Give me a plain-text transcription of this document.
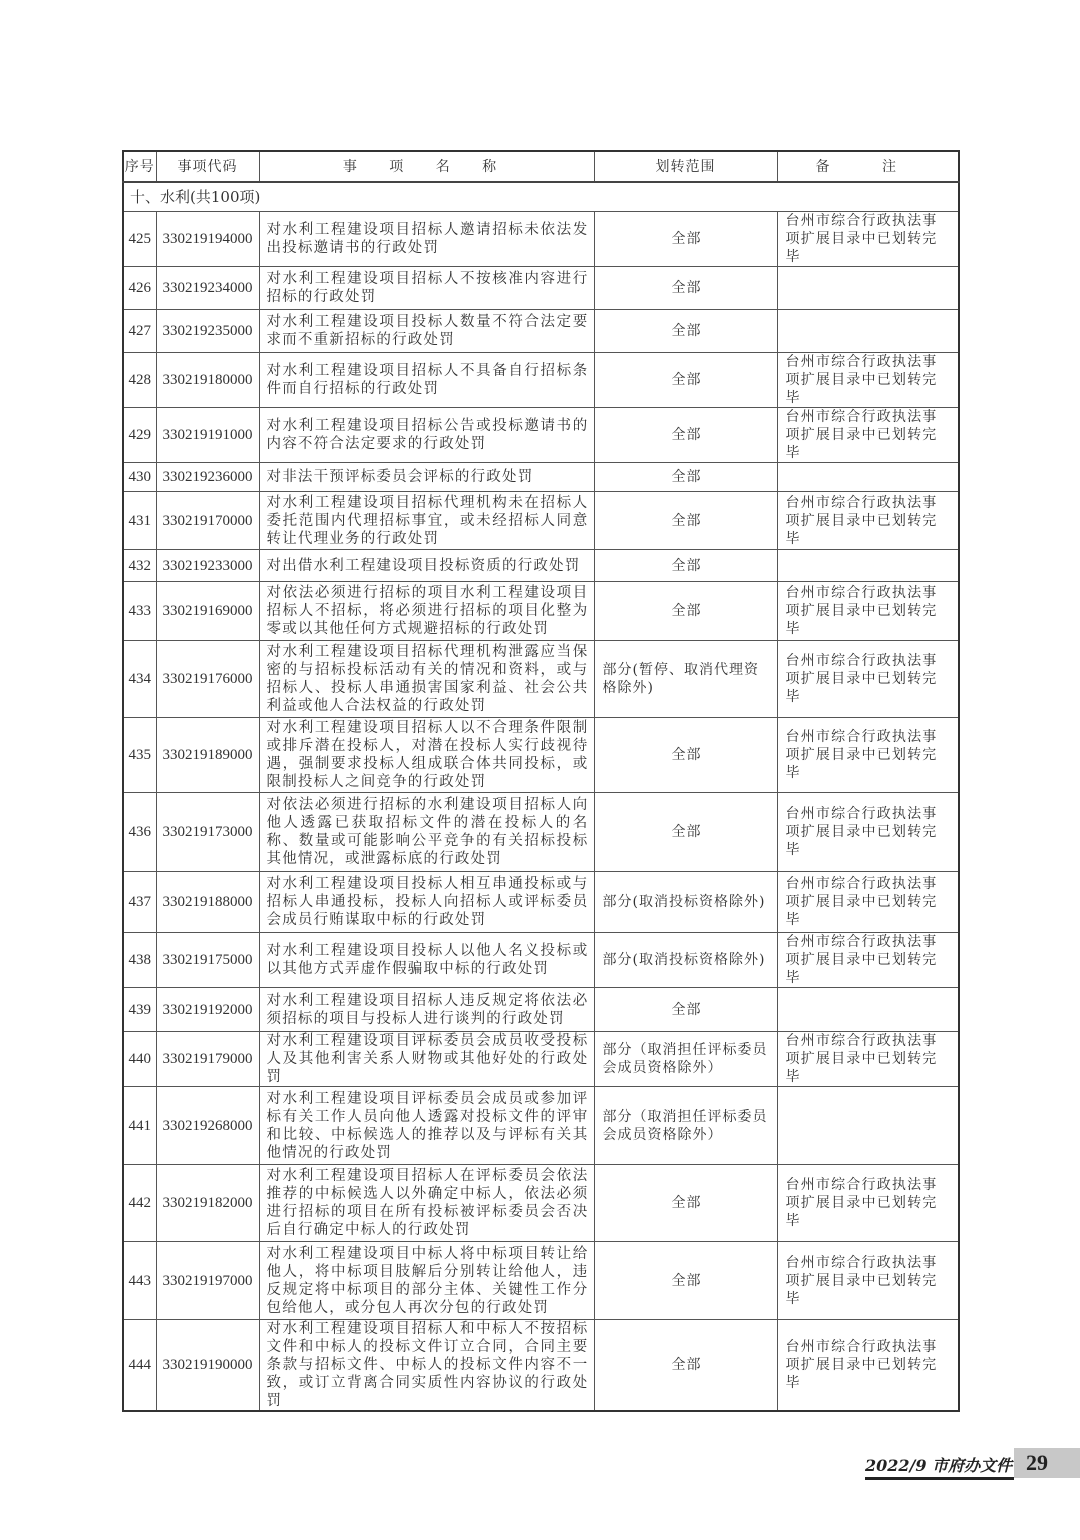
序号	事项代码	事 项 名 称	划转范围	备 注
十、水利(共100项)				
425	330219194000	对水利工程建设项目招标人邀请招标未依法发出投标邀请书的行政处罚	全部	台州市综合行政执法事项扩展目录中已划转完毕
426	330219234000	对水利工程建设项目招标人不按核准内容进行招标的行政处罚	全部	
427	330219235000	对水利工程建设项目投标人数量不符合法定要求而不重新招标的行政处罚	全部	
428	330219180000	对水利工程建设项目招标人不具备自行招标条件而自行招标的行政处罚	全部	台州市综合行政执法事项扩展目录中已划转完毕
429	330219191000	对水利工程建设项目招标公告或投标邀请书的内容不符合法定要求的行政处罚	全部	台州市综合行政执法事项扩展目录中已划转完毕
430	330219236000	对非法干预评标委员会评标的行政处罚	全部	
431	330219170000	对水利工程建设项目招标代理机构未在招标人委托范围内代理招标事宜，或未经招标人同意转让代理业务的行政处罚	全部	台州市综合行政执法事项扩展目录中已划转完毕
432	330219233000	对出借水利工程建设项目投标资质的行政处罚	全部	
433	330219169000	对依法必须进行招标的项目水利工程建设项目招标人不招标，将必须进行招标的项目化整为零或以其他任何方式规避招标的行政处罚	全部	台州市综合行政执法事项扩展目录中已划转完毕
434	330219176000	对水利工程建设项目招标代理机构泄露应当保密的与招标投标活动有关的情况和资料，或与招标人、投标人串通损害国家利益、社会公共利益或他人合法权益的行政处罚	部分(暂停、取消代理资格除外)	台州市综合行政执法事项扩展目录中已划转完毕
435	330219189000	对水利工程建设项目招标人以不合理条件限制或排斥潜在投标人，对潜在投标人实行歧视待遇，强制要求投标人组成联合体共同投标，或限制投标人之间竞争的行政处罚	全部	台州市综合行政执法事项扩展目录中已划转完毕
436	330219173000	对依法必须进行招标的水利建设项目招标人向他人透露已获取招标文件的潜在投标人的名称、数量或可能影响公平竞争的有关招标投标其他情况，或泄露标底的行政处罚	全部	台州市综合行政执法事项扩展目录中已划转完毕
437	330219188000	对水利工程建设项目投标人相互串通投标或与招标人串通投标，投标人向招标人或评标委员会成员行贿谋取中标的行政处罚	部分(取消投标资格除外)	台州市综合行政执法事项扩展目录中已划转完毕
438	330219175000	对水利工程建设项目投标人以他人名义投标或以其他方式弄虚作假骗取中标的行政处罚	部分(取消投标资格除外)	台州市综合行政执法事项扩展目录中已划转完毕
439	330219192000	对水利工程建设项目招标人违反规定将依法必须招标的项目与投标人进行谈判的行政处罚	全部	
440	330219179000	对水利工程建设项目评标委员会成员收受投标人及其他利害关系人财物或其他好处的行政处罚	部分（取消担任评标委员会成员资格除外）	台州市综合行政执法事项扩展目录中已划转完毕
441	330219268000	对水利工程建设项目评标委员会成员或参加评标有关工作人员向他人透露对投标文件的评审和比较、中标候选人的推荐以及与评标有关其他情况的行政处罚	部分（取消担任评标委员会成员资格除外）	
442	330219182000	对水利工程建设项目招标人在评标委员会依法推荐的中标候选人以外确定中标人，依法必须进行招标的项目在所有投标被评标委员会否决后自行确定中标人的行政处罚	全部	台州市综合行政执法事项扩展目录中已划转完毕
443	330219197000	对水利工程建设项目中标人将中标项目转让给他人，将中标项目肢解后分别转让给他人，违反规定将中标项目的部分主体、关键性工作分包给他人，或分包人再次分包的行政处罚	全部	台州市综合行政执法事项扩展目录中已划转完毕
444	330219190000	对水利工程建设项目招标人和中标人不按招标文件和中标人的投标文件订立合同，合同主要条款与招标文件、中标人的投标文件内容不一致，或订立背离合同实质性内容协议的行政处罚	全部	台州市综合行政执法事项扩展目录中已划转完毕
2022/9 市府办文件 29
